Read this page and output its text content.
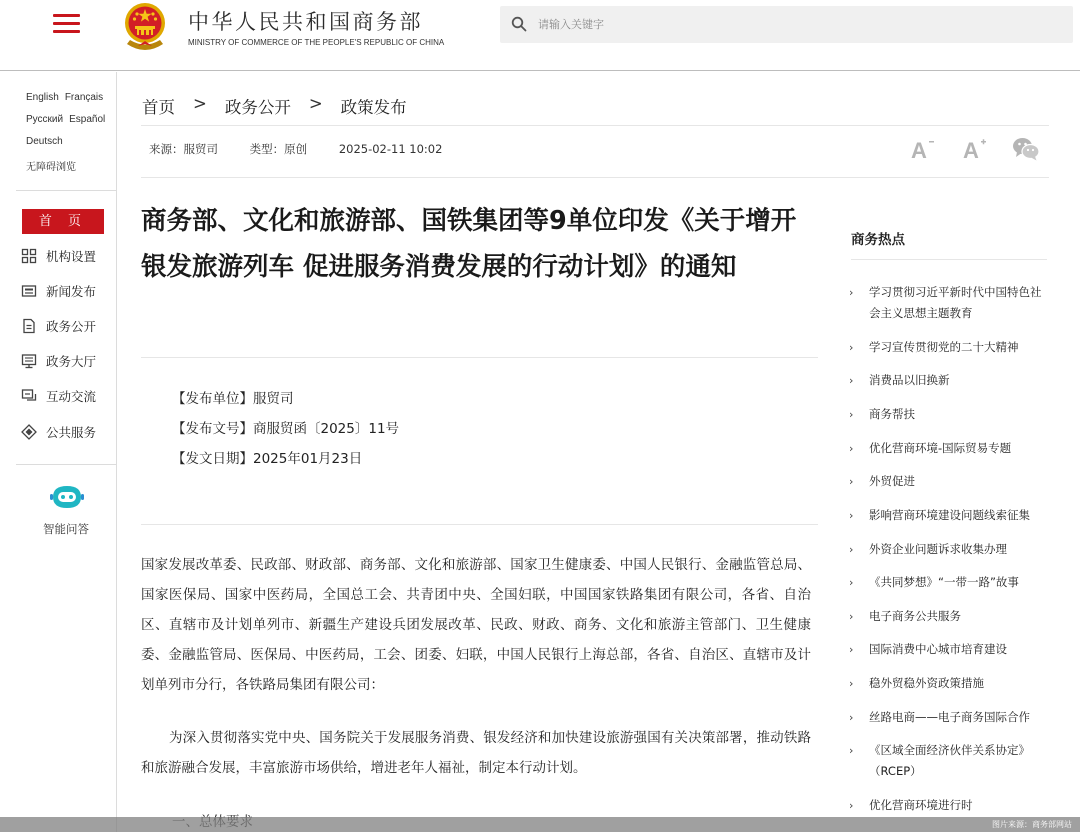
中华人民共和国商务部
MINISTRY OF COMMERCE OF THE PEOPLE'S REPUBLIC OF CHINA
请输入关键字
English Français
Русский Español
Deutsch
无障碍浏览
首 页
机构设置
新闻发布
政务公开
政务大厅
互动交流
公共服务
智能问答
首页 > 政务公开 > 政策发布
来源：服贸司	类型：原创	2025-02-11 10:02	A A
商务部、文化和旅游部、国铁集团等9单位印发《关于增开银发旅游列车 促进服务消费发展的行动计划》的通知
【发布单位】服贸司
【发布文号】商服贸函〔2025〕11号
【发文日期】2025年01月23日
国家发展改革委、民政部、财政部、商务部、文化和旅游部、国家卫生健康委、中国人民银行、金融监管总局、国家医保局、国家中医药局，全国总工会、共青团中央、全国妇联，中国国家铁路集团有限公司，各省、自治区、直辖市及计划单列市、新疆生产建设兵团发展改革、民政、财政、商务、文化和旅游主管部门、卫生健康委、金融监管局、医保局、中医药局，工会、团委、妇联，中国人民银行上海总部，各省、自治区、直辖市及计划单列市分行，各铁路局集团有限公司：
为深入贯彻落实党中央、国务院关于发展服务消费、银发经济和加快建设旅游强国有关决策部署，推动铁路和旅游融合发展，丰富旅游市场供给，增进老年人福祉，制定本行动计划。
商务热点
› 学习贯彻习近平新时代中国特色社会主义思想主题教育
› 学习宣传贯彻党的二十大精神
› 消费品以旧换新
› 商务帮扶
› 优化营商环境-国际贸易专题
› 外贸促进
› 影响营商环境建设问题线索征集
› 外资企业问题诉求收集办理
› 《共同梦想》“一带一路”故事
› 电子商务公共服务
› 国际消费中心城市培育建设
› 稳外贸稳外资政策措施
› 丝路电商——电子商务国际合作
› 《区域全面经济伙伴关系协定》（RCEP）
› 优化营商环境进行时
图片来源：商务部网站
